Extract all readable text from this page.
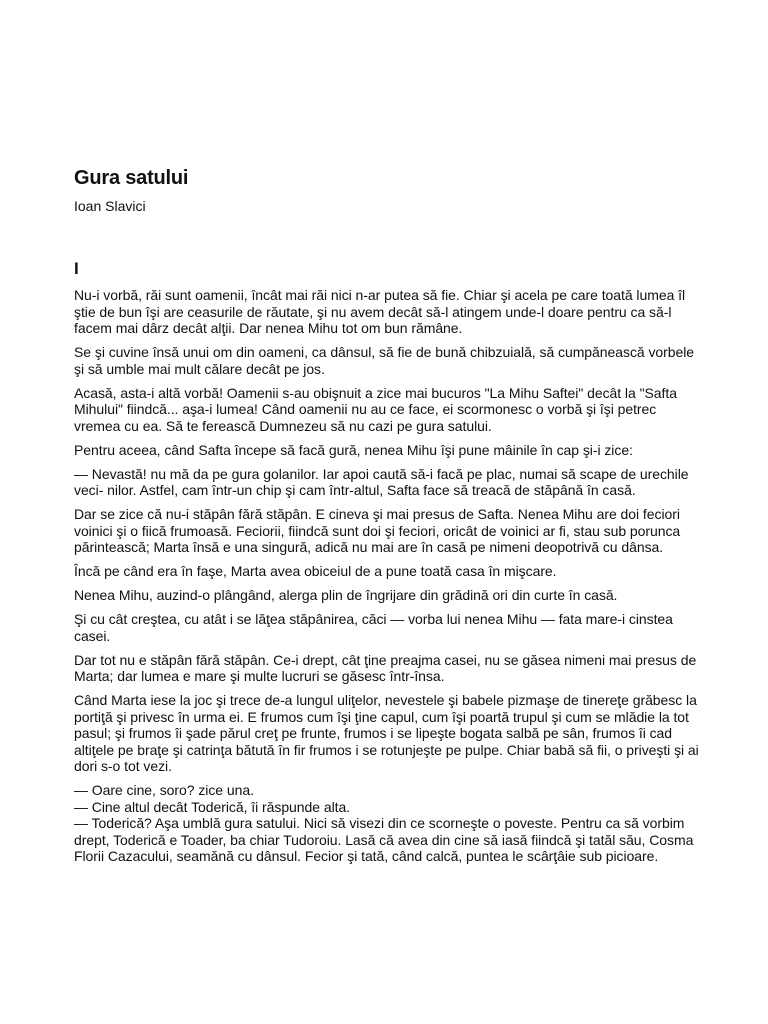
Gura satului
Ioan Slavici
I

Nu-i vorbă, răi sunt oamenii, încât mai răi nici n-ar putea să fie. Chiar şi acela pe care toată lumea îl ştie de bun îşi are ceasurile de răutate, şi nu avem decât să-l atingem unde-l doare pentru ca să-l facem mai dârz decât alţii. Dar nenea Mihu tot om bun rămâne.

Se şi cuvine însă unui om din oameni, ca dânsul, să fie de bună chibzuială, să cumpănească vorbele şi să umble mai mult călare decât pe jos.

Acasă, asta-i altă vorbă! Oamenii s-au obişnuit a zice mai bucuros "La Mihu Saftei" decât la "Safta Mihului" fiindcă... aşa-i lumea! Când oamenii nu au ce face, ei scormonesc o vorbă şi îşi petrec vremea cu ea. Să te ferească Dumnezeu să nu cazi pe gura satului.

Pentru aceea, când Safta începe să facă gură, nenea Mihu îşi pune mâinile în cap şi-i zice:

— Nevastă! nu mă da pe gura golanilor. Iar apoi caută să-i facă pe plac, numai să scape de urechile veci- nilor. Astfel, cam într-un chip şi cam într-altul, Safta face să treacă de stăpână în casă.

Dar se zice că nu-i stăpân fără stăpân. E cineva şi mai presus de Safta. Nenea Mihu are doi feciori voinici şi o fiică frumoasă. Feciorii, fiindcă sunt doi şi feciori, oricât de voinici ar fi, stau sub porunca părintească; Marta însă e una singură, adică nu mai are în casă pe nimeni deopotrivă cu dânsa.

Încă pe când era în faşe, Marta avea obiceiul de a pune toată casa în mişcare.

Nenea Mihu, auzind-o plângând, alerga plin de îngrijare din grădină ori din curte în casă.

Şi cu cât creştea, cu atât i se lăţea stăpânirea, căci — vorba lui nenea Mihu — fata mare-i cinstea casei.

Dar tot nu e stăpân fără stăpân. Ce-i drept, cât ţine preajma casei, nu se găsea nimeni mai presus de Marta; dar lumea e mare şi multe lucruri se găsesc într-însa.

Când Marta iese la joc şi trece de-a lungul uliţelor, nevestele şi babele pizmaşe de tinereţe grăbesc la portiţă şi privesc în urma ei. E frumos cum îşi ţine capul, cum îşi poartă trupul şi cum se mlădie la tot pasul; şi frumos îi şade părul creţ pe frunte, frumos i se lipeşte bogata salbă pe sân, frumos îi cad altiţele pe braţe şi catrinţa bătută în fir frumos i se rotunjeşte pe pulpe. Chiar babă să fii, o priveşti şi ai dori s-o tot vezi.

— Oare cine, soro? zice una.

— Cine altul decât Toderică, îi răspunde alta.

— Toderică? Aşa umblă gura satului. Nici să visezi din ce scorneşte o poveste. Pentru ca să vorbim drept, Toderică e Toader, ba chiar Tudoroiu. Lasă că avea din cine să iasă fiindcă şi tatăl său, Cosma Florii Cazacului, seamănă cu dânsul. Fecior şi tată, când calcă, puntea le scârţâie sub picioare.
